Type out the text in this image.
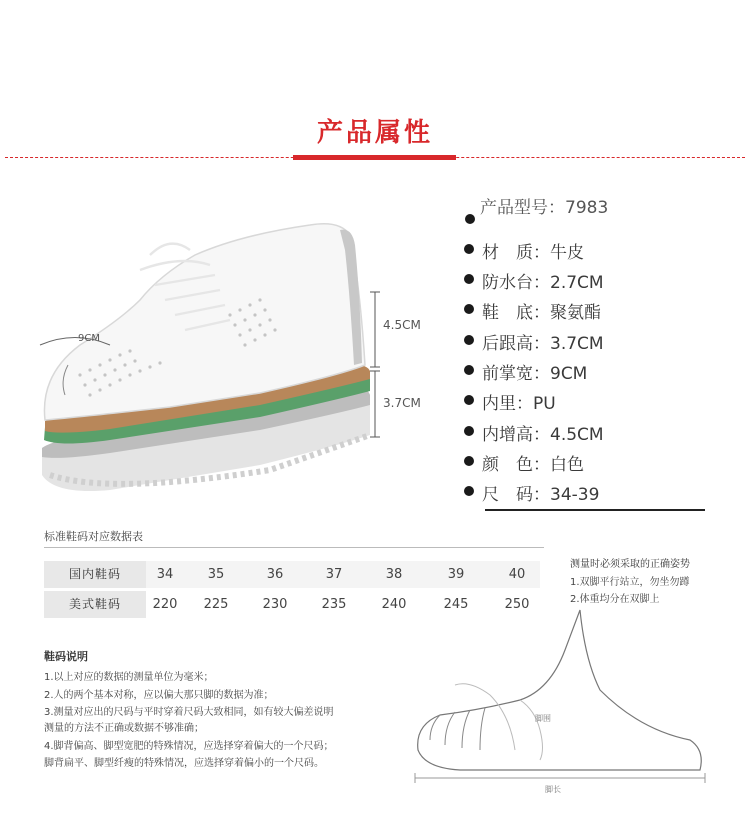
产品属性
9CM
4.5CM
3.7CM
产品型号：7983
材　质：牛皮
防水台：2.7CM
鞋　底：聚氨酯
后跟高：3.7CM
前掌宽：9CM
内里：PU
内增高：4.5CM
颜　色：白色
尺　码：34-39
标准鞋码对应数据表
国内鞋码	34	35	36	37	38	39	40
美式鞋码	220	225	230	235	240	245	250
鞋码说明
1.以上对应的数据的测量单位为毫米；
2.人的两个基本对称，应以偏大那只脚的数据为准；
3.测量对应出的尺码与平时穿着尺码大致相同，如有较大偏差说明
测量的方法不正确或数据不够准确；
4.脚背偏高、脚型宽肥的特殊情况，应选择穿着偏大的一个尺码；
脚背扁平、脚型纤瘦的特殊情况，应选择穿着偏小的一个尺码。
测量时必须采取的正确姿势
1.双脚平行站立，勿坐勿蹲
2.体重均分在双脚上
脚围
脚长
